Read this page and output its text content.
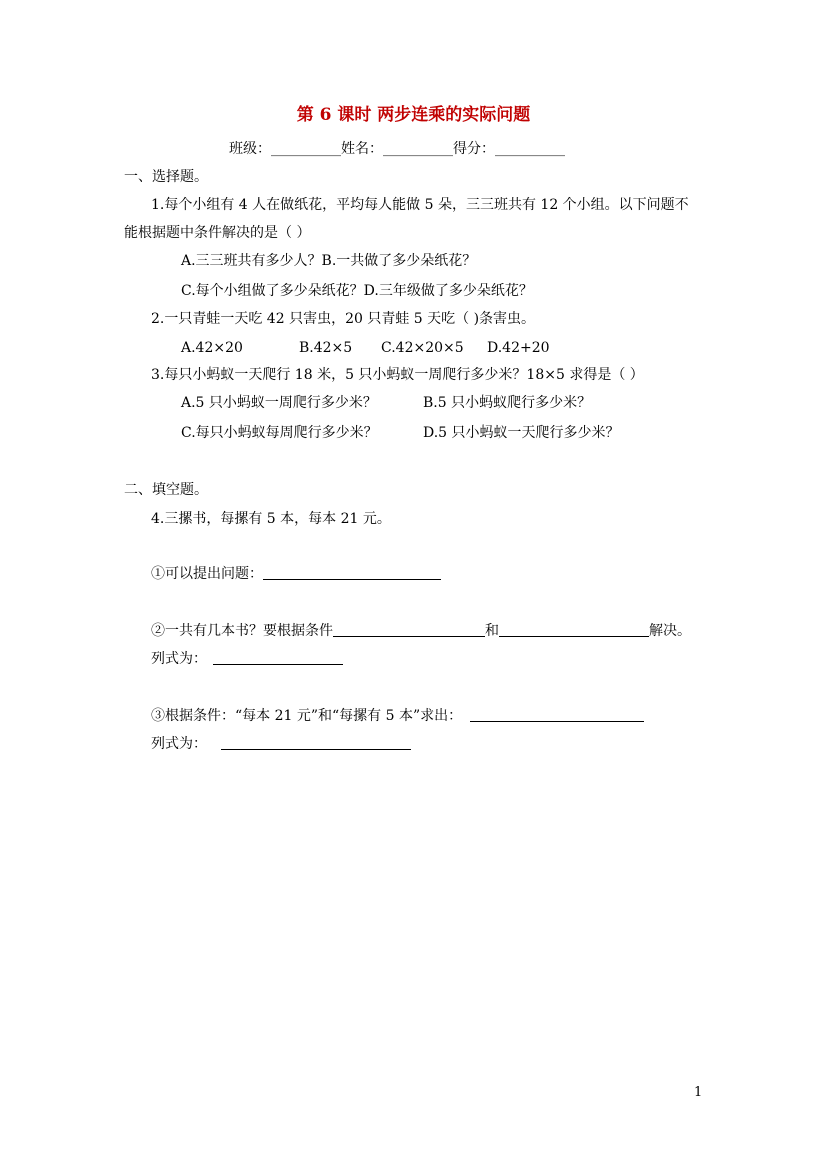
第 6 课时 两步连乘的实际问题
班级：__________姓名：__________得分：__________
一、选择题。
1.每个小组有 4 人在做纸花，平均每人能做 5 朵，三三班共有 12 个小组。以下问题不
能根据题中条件解决的是（ ）
A.三三班共有多少人？B.一共做了多少朵纸花？
C.每个小组做了多少朵纸花？D.三年级做了多少朵纸花？
2.一只青蛙一天吃 42 只害虫，20 只青蛙 5 天吃（ )条害虫。
A.42×20	B.42×5 C.42×20×5 D.42+20
3.每只小蚂蚁一天爬行 18 米，5 只小蚂蚁一周爬行多少米？18×5 求得是（ ）
A.5 只小蚂蚁一周爬行多少米？	B.5 只小蚂蚁爬行多少米？
C.每只小蚂蚁每周爬行多少米？	D.5 只小蚂蚁一天爬行多少米？
二、填空题。
4.三摞书，每摞有 5 本，每本 21 元。
①可以提出问题：
②一共有几本书？要根据条件	和	解决。
列式为：
③根据条件：“每本 21 元”和“每摞有 5 本”求出：
列式为：
1
